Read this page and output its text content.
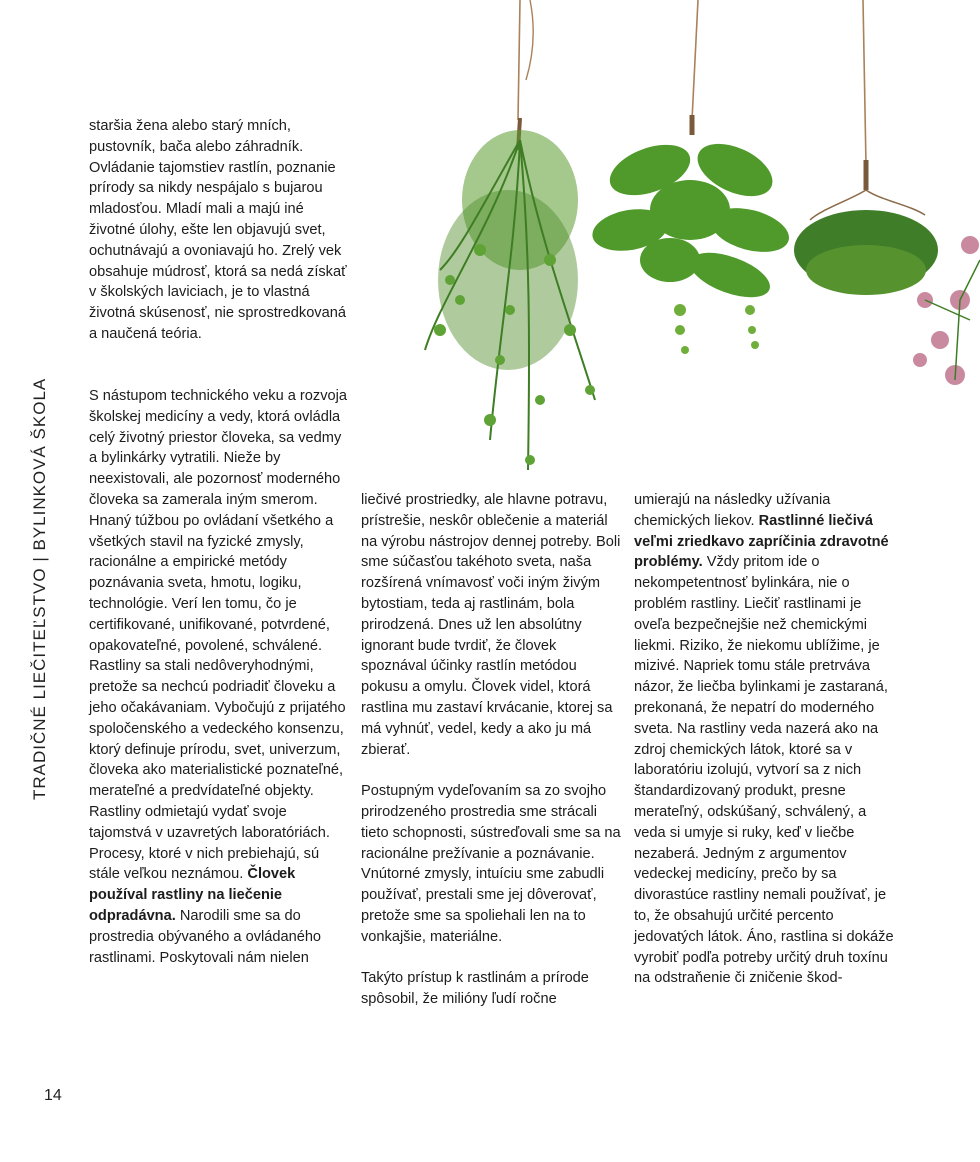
TRADIČNÉ LIEČITEĽSTVO | BYLINKOVÁ ŠKOLA
14

staršia žena alebo starý mních, pustovník, bača alebo záhradník. Ovládanie tajomstiev rastlín, poznanie prírody sa nikdy nespájalo s bujarou mladosťou. Mladí mali a majú iné životné úlohy, ešte len objavujú svet, ochutnávajú a ovoniavajú ho. Zrelý vek obsahuje múdrosť, ktorá sa nedá získať v školských laviciach, je to vlastná životná skúsenosť, nie sprostredkovaná a naučená teória.

S nástupom technického veku a rozvoja školskej medicíny a vedy, ktorá ovládla celý životný priestor človeka, sa vedmy a bylinkárky vytratili. Nieže by neexistovali, ale pozornosť moderného človeka sa zamerala iným smerom. Hnaný túžbou po ovládaní všetkého a všetkých stavil na fyzické zmysly, racionálne a empirické metódy poznávania sveta, hmotu, logiku, technológie. Verí len tomu, čo je certifikované, unifikované, potvrdené, opakovateľné, povolené, schválené. Rastliny sa stali nedôveryhodnými, pretože sa nechcú podriadiť človeku a jeho očakávaniam. Vybočujú z prijatého spoločenského a vedeckého konsenzu, ktorý definuje prírodu, svet, univerzum, človeka ako materialistické poznateľné, merateľné a predvídateľné objekty. Rastliny odmietajú vydať svoje tajomstvá v uzavretých laboratóriách. Procesy, ktoré v nich prebiehajú, sú stále veľkou neznámou. Človek používal rastliny na liečenie odpradávna. Narodili sme sa do prostredia obývaného a ovládaného rastlinami. Poskytovali nám nielen

liečivé prostriedky, ale hlavne potravu, prístrešie, neskôr oblečenie a materiál na výrobu nástrojov dennej potreby. Boli sme súčasťou takéhoto sveta, naša rozšírená vnímavosť voči iným živým bytostiam, teda aj rastlinám, bola prirodzená. Dnes už len absolútny ignorant bude tvrdiť, že človek spoznával účinky rastlín metódou pokusu a omylu. Človek videl, ktorá rastlina mu zastaví krvácanie, ktorej sa má vyhnúť, vedel, kedy a ako ju má zbierať.

Postupným vydeľovaním sa zo svojho prirodzeného prostredia sme strácali tieto schopnosti, sústreďovali sme sa na racionálne prežívanie a poznávanie. Vnútorné zmysly, intuíciu sme zabudli používať, prestali sme jej dôverovať, pretože sme sa spoliehali len na to vonkajšie, materiálne.

Takýto prístup k rastlinám a prírode spôsobil, že milióny ľudí ročne

umierajú na následky užívania chemických liekov. Rastlinné liečivá veľmi zriedkavo zapríčinia zdravotné problémy. Vždy pritom ide o nekompetentnosť bylinkára, nie o problém rastliny. Liečiť rastlinami je oveľa bezpečnejšie než chemickými liekmi. Riziko, že niekomu ublížime, je mizivé. Napriek tomu stále pretrváva názor, že liečba bylinkami je zastaraná, prekonaná, že nepatrí do moderného sveta. Na rastliny veda nazerá ako na zdroj chemických látok, ktoré sa v laboratóriu izolujú, vytvorí sa z nich štandardizovaný produkt, presne merateľný, odskúšaný, schválený, a veda si umyje si ruky, keď v liečbe nezaberá. Jedným z argumentov vedeckej medicíny, prečo by sa divorastúce rastliny nemali používať, je to, že obsahujú určité percento jedovatých látok. Áno, rastlina si dokáže vyrobiť podľa potreby určitý druh toxínu na odstraňenie či zničenie škod-
